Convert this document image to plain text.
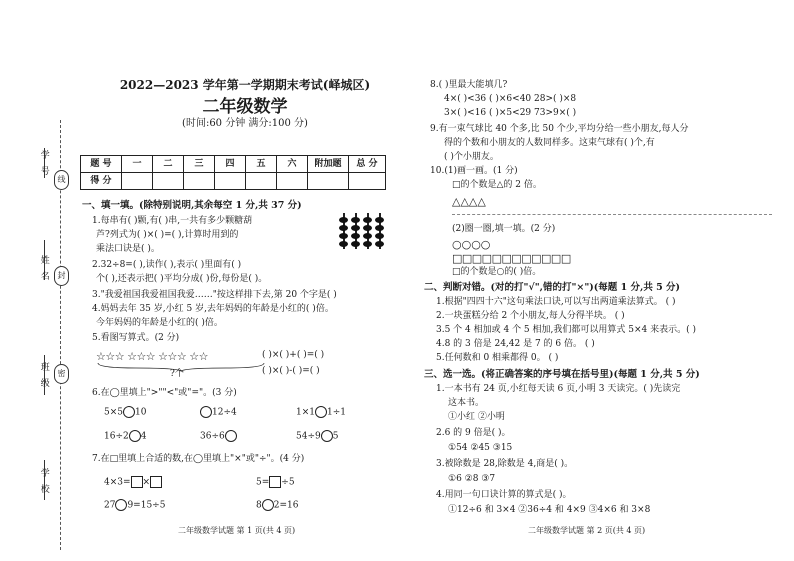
学 号
线
姓 名	封
班 级	密
学 校
2022—2023 学年第一学期期末考试(峄城区)
二年级数学
(时间:60 分钟 满分:100 分)
题 号	一	二	三	四	五	六	附加题	总 分
得 分								
一、填一填。(除特别说明,其余每空 1 分,共 37 分)
1.每串有( )颗,有( )串,一共有多少颗糖葫
芦?列式为( )×( )=( ),计算时用到的
乘法口诀是( )。
2.32÷8=( ),读作( ),表示( )里面有( )
个( ),还表示把( )平均分成( )份,每份是( )。
3."我爱祖国我爱祖国我爱……"按这样排下去,第 20 个字是( )
4.妈妈去年 35 岁,小红 5 岁,去年妈妈的年龄是小红的( )倍。
今年妈妈的年龄是小红的( )倍。
5.看图写算式。(2 分)
☆☆☆ ☆☆☆ ☆☆☆ ☆☆
?个
( )×( )+( )=( )
( )×( )-( )=( )
6.在◯里填上">""<"或"="。(3 分)
5×5 10	12÷4	1×1 1÷1
16÷2 4	36÷6	54÷9 5
7.在□里填上合适的数,在◯里填上"×"或"÷"。(4 分)
4×3= ×	5= ÷5
27 9=15÷5	8 2=16
二年级数学试题 第 1 页(共 4 页)
8.( )里最大能填几?
4×( )<36 ( )×6<40 28>( )×8
3×( )<16 ( )×5<29 73>9×( )
9.有一束气球比 40 个多,比 50 个少,平均分给一些小朋友,每人分
得的个数和小朋友的人数同样多。这束气球有( )个,有
( )个小朋友。
10.(1)画一画。(1 分)
□的个数是△的 2 倍。
△△△△
(2)圈一圈,填一填。(2 分)
○○○○
□□□□□□□□□□□□
□的个数是○的( )倍。
二、判断对错。(对的打"√",错的打"×")(每题 1 分,共 5 分)
1.根据"四四十六"这句乘法口诀,可以写出两道乘法算式。 ( )
2.一块蛋糕分给 2 个小朋友,每人分得半块。 ( )
3.5 个 4 相加或 4 个 5 相加,我们都可以用算式 5×4 来表示。( )
4.8 的 3 倍是 24,42 是 7 的 6 倍。 ( )
5.任何数和 0 相乘都得 0。 ( )
三、选一选。(将正确答案的序号填在括号里)(每题 1 分,共 5 分)
1.一本书有 24 页,小红每天读 6 页,小明 3 天读完。( )先读完
这本书。
①小红 ②小明
2.6 的 9 倍是( )。
①54 ②45 ③15
3.被除数是 28,除数是 4,商是( )。
①6 ②8 ③7
4.用同一句口诀计算的算式是( )。
①12÷6 和 3×4 ②36÷4 和 4×9 ③4×6 和 3×8
二年级数学试题 第 2 页(共 4 页)
